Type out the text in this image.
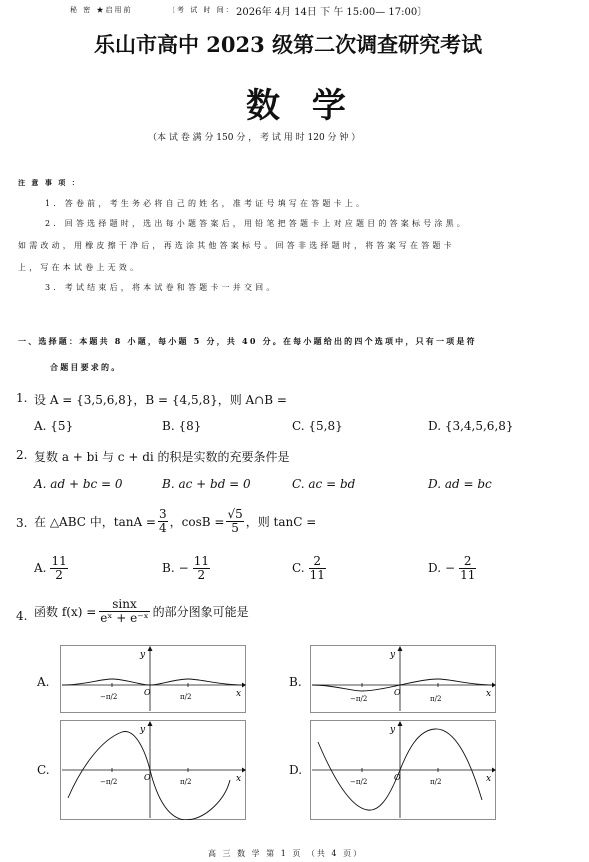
秘 密 ★启用前	〔考 试 时 间： 2026年 4月 14日 下 午 15:00— 17:00〕
乐山市高中 2023 级第二次调查研究考试
数 学
（本 试 卷 满 分 150 分 ， 考 试 用 时 120 分 钟 ）
注 意 事 项 ：
1. 答卷前，考生务必将自己的姓名，准考证号填写在答题卡上。
2. 回答选择题时，选出每小题答案后，用铅笔把答题卡上对应题目的答案标号涂黑。
如需改动，用橡皮擦干净后，再选涂其他答案标号。回答非选择题时，将答案写在答题卡
上，写在本试卷上无效。
3. 考试结束后，将本试卷和答题卡一并交回。
一、选择题：本题共 8 小题，每小题 5 分，共 40 分。在每小题给出的四个选项中，只有一项是符
合题目要求的。
1. 设 A = {3,5,6,8}，B = {4,5,8}，则 A∩B =
A. {5}	B. {8}	C. {5,8}	D. {3,4,5,6,8}
2. 复数 a + bi 与 c + di 的积是实数的充要条件是
A. ad + bc = 0	B. ac + bd = 0	C. ac = bd	D. ad = bc
3. 在 △ABC 中，$\tan A = \frac{3}{4}$ ，$\cos B = \frac{√5}{5}$ ，则 tanC =
A. $\frac{11}{2}$	B. − $\frac{11}{2}$	C. $\frac{2}{11}$	D. − $\frac{2}{11}$
4. 函数 $f(x) = \frac{\sin x}{\text{eˣ + e⁻ˣ}}$ 的部分图象可能是
A.	B.
C.	D.
y
x
O
−π/2	π/2
y
x
O
−π/2	π/2
y
x
O
−π/2	π/2
y
x
O
−π/2	π/2
高 三 数 学 第 1 页 （共 4 页）
